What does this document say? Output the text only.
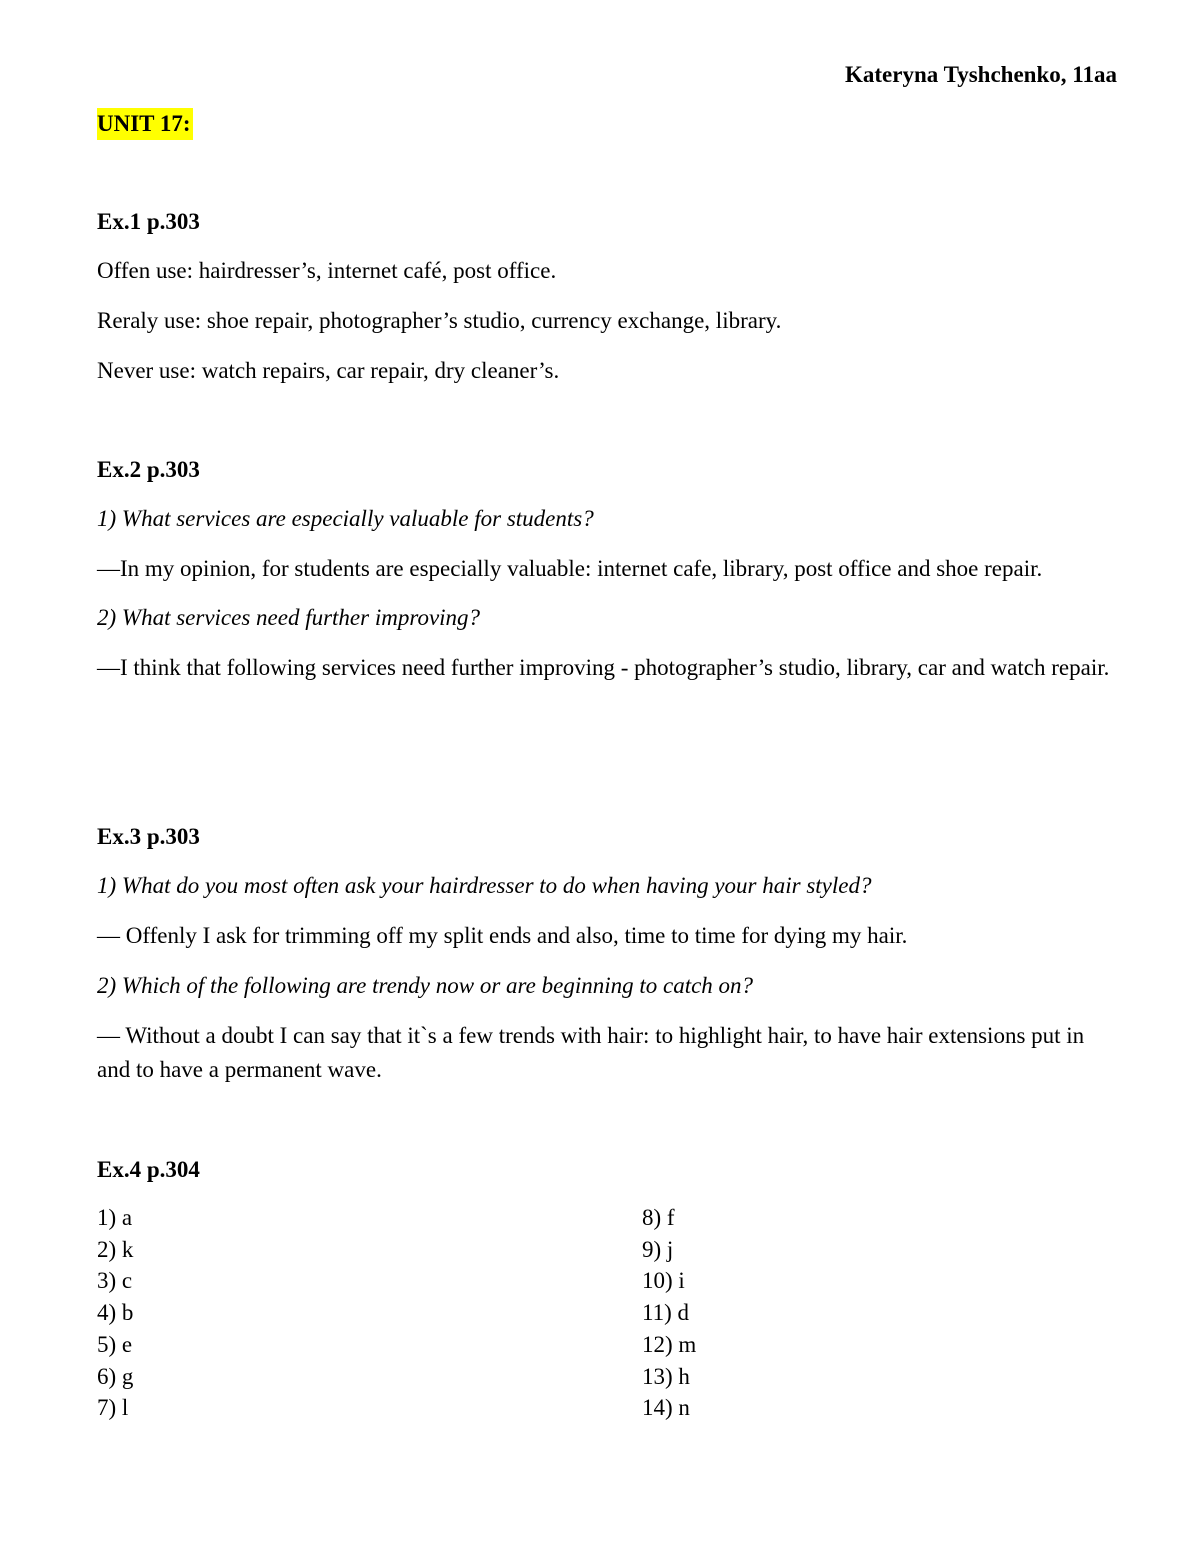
Kateryna Tyshchenko, 11aa
UNIT 17:

Ex.1 p.303

Offen use: hairdresser’s, internet café, post office.

Reraly use: shoe repair, photographer’s studio, currency exchange, library.

Never use: watch repairs, car repair, dry cleaner’s.

Ex.2 p.303

1) What services are especially valuable for students?

—In my opinion, for students are especially valuable: internet cafe, library, post office and shoe repair.

2) What services need further improving?

—I think that following services need further improving - photographer’s studio, library, car and watch repair.

Ex.3 p.303

1) What do you most often ask your hairdresser to do when having your hair styled?

— Offenly I ask for trimming off my split ends and also, time to time for dying my hair.

2) Which of the following are trendy now or are beginning to catch on?

— Without a doubt I can say that it`s a few trends with hair: to highlight hair, to have hair extensions put in and to have a permanent wave.

Ex.4 p.304

1) a
2) k
3) c
4) b
5) e
6) g
7) l
8) f
9) j
10) i
11) d
12) m
13) h
14) n
